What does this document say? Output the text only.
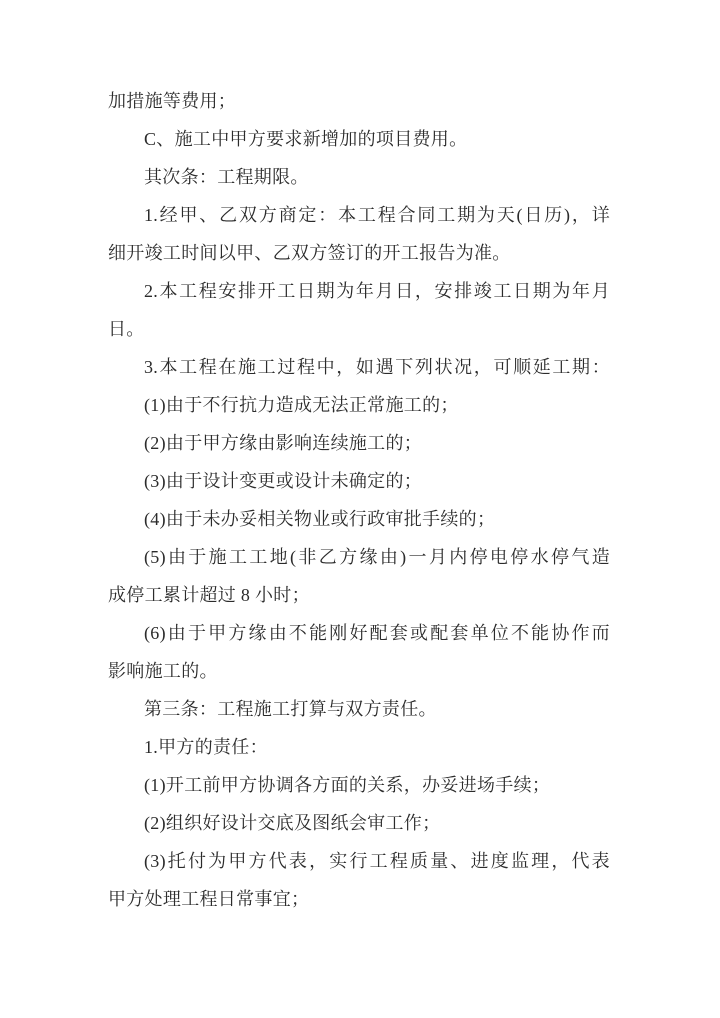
加措施等费用；
C、施工中甲方要求新增加的项目费用。
其次条：工程期限。
1.经甲、乙双方商定：本工程合同工期为天(日历)，详
细开竣工时间以甲、乙双方签订的开工报告为准。
2.本工程安排开工日期为年月日，安排竣工日期为年月
日。
3.本工程在施工过程中，如遇下列状况，可顺延工期：
(1)由于不行抗力造成无法正常施工的；
(2)由于甲方缘由影响连续施工的；
(3)由于设计变更或设计未确定的；
(4)由于未办妥相关物业或行政审批手续的；
(5)由于施工工地(非乙方缘由)一月内停电停水停气造
成停工累计超过 8 小时；
(6)由于甲方缘由不能刚好配套或配套单位不能协作而
影响施工的。
第三条：工程施工打算与双方责任。
1.甲方的责任：
(1)开工前甲方协调各方面的关系，办妥进场手续；
(2)组织好设计交底及图纸会审工作；
(3)托付为甲方代表，实行工程质量、进度监理，代表
甲方处理工程日常事宜；
